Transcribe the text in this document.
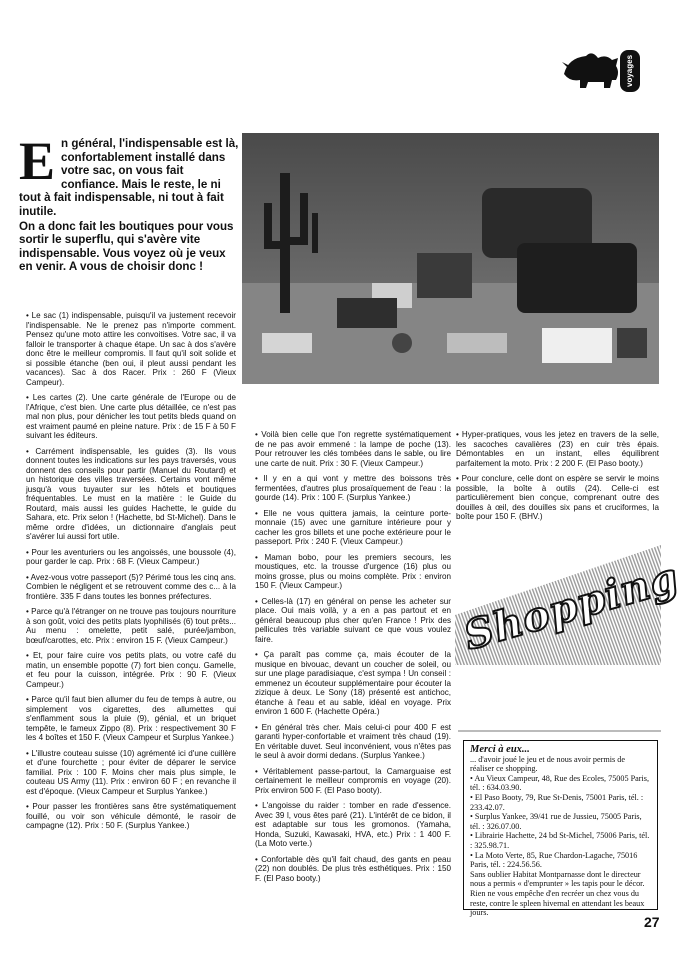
voyages
E n général, l'indispensable est là, confortablement installé dans votre sac, on vous fait confiance. Mais le reste, le ni tout à fait indispensable, ni tout à fait inutile.
On a donc fait les boutiques pour vous sortir le superflu, qui s'avère vite indispensable. Vous voyez où je veux en venir. A vous de choisir donc !

• Le sac (1) indispensable, puisqu'il va justement recevoir l'indispensable. Ne le prenez pas n'importe comment. Pensez qu'une moto attire les convoitises. Votre sac, il va falloir le transporter à chaque étape. Un sac à dos s'avère donc être le meilleur compromis. Il faut qu'il soit solide et si possible étanche (ben oui, il pleut aussi pendant les vacances). Sac à dos Racer. Prix : 260 F (Vieux Campeur).

• Les cartes (2). Une carte générale de l'Europe ou de l'Afrique, c'est bien. Une carte plus détaillée, ce n'est pas mal non plus, pour dénicher les tout petits bleds quand on est vraiment paumé en pleine nature. Prix : de 15 F à 50 F suivant les éditeurs.

• Carrément indispensable, les guides (3). Ils vous donnent toutes les indications sur les pays traversés, vous donnent des conseils pour partir (Manuel du Routard) et un historique des villes traversées. Certains vont même jusqu'à vous tuyauter sur les hôtels et boutiques fréquentables. Le must en la matière : le Guide du Routard, mais aussi les guides Hachette, le guide du Sahara, etc. Prix selon ! (Hachette, bd St-Michel). Dans le même ordre d'idées, un dictionnaire d'anglais peut s'avérer lui aussi fort utile.

• Pour les aventuriers ou les angoissés, une boussole (4), pour garder le cap. Prix : 68 F. (Vieux Campeur.)

• Avez-vous votre passeport (5)? Périmé tous les cinq ans. Combien le négligent et se retrouvent comme des c... à la frontière. 335 F dans toutes les bonnes préfectures.

• Parce qu'à l'étranger on ne trouve pas toujours nourriture à son goût, voici des petits plats lyophilisés (6) tout prêts... Au menu : omelette, petit salé, purée/jambon, bœuf/carottes, etc. Prix : environ 15 F. (Vieux Campeur.)

• Et, pour faire cuire vos petits plats, ou votre café du matin, un ensemble popotte (7) fort bien conçu. Gamelle, et feu pour la cuisson, intégrée. Prix : 90 F. (Vieux Campeur.)

• Parce qu'il faut bien allumer du feu de temps à autre, ou simplement vos cigarettes, des allumettes qui s'enflamment sous la pluie (9), génial, et un briquet tempête, le fameux Zippo (8). Prix : respectivement 30 F les 4 boîtes et 150 F. (Vieux Campeur et Surplus Yankee.)

• L'illustre couteau suisse (10) agrémenté ici d'une cuillère et d'une fourchette ; pour éviter de déparer le service familial. Prix : 100 F. Moins cher mais plus simple, le couteau US Army (11). Prix : environ 60 F ; en revanche il est d'époque. (Vieux Campeur et Surplus Yankee.)

• Pour passer les frontières sans être systématiquement fouillé, ou voir son véhicule démonté, le rasoir de campagne (12). Prix : 50 F. (Surplus Yankee.)

• Voilà bien celle que l'on regrette systématiquement de ne pas avoir emmené : la lampe de poche (13). Pour retrouver les clés tombées dans le sable, ou lire une carte de nuit. Prix : 30 F. (Vieux Campeur.)

• Il y en a qui vont y mettre des boissons très fermentées, d'autres plus prosaïquement de l'eau : la gourde (14). Prix : 100 F. (Surplus Yankee.)

• Elle ne vous quittera jamais, la ceinture porte-monnaie (15) avec une garniture intérieure pour y cacher les gros billets et une poche extérieure pour le passeport. Prix : 240 F. (Vieux Campeur.)

• Maman bobo, pour les premiers secours, les moustiques, etc. la trousse d'urgence (16) plus ou moins grosse, plus ou moins complète. Prix : environ 150 F. (Vieux Campeur.)

• Celles-là (17) en général on pense les acheter sur place. Oui mais voilà, y a en a pas partout et en général beaucoup plus cher qu'en France ! Prix des pellicules très variable suivant ce que vous voulez faire.

• Ça paraît pas comme ça, mais écouter de la musique en bivouac, devant un coucher de soleil, ou sur une plage paradisiaque, c'est sympa ! Un conseil : emmenez un écouteur supplémentaire pour écouter la zizique à deux. Le Sony (18) présenté est antichoc, étanche à l'eau et au sable, idéal en voyage. Prix environ 1 600 F. (Hachette Opéra.)

• En général très cher. Mais celui-ci pour 400 F est garanti hyper-confortable et vraiment très chaud (19). En véritable duvet. Seul inconvénient, vous n'êtes pas le seul à avoir dormi dedans. (Surplus Yankee.)

• Véritablement passe-partout, la Camarguaise est certainement le meilleur compromis en voyage (20). Prix environ 500 F. (El Paso booty).

• L'angoisse du raider : tomber en rade d'essence. Avec 39 l, vous êtes paré (21). L'intérêt de ce bidon, il est adaptable sur tous les gromonos. (Yamaha, Honda, Suzuki, Kawasaki, HVA, etc.) Prix : 1 400 F. (La Moto verte.)

• Confortable dès qu'il fait chaud, des gants en peau (22) non doublés. De plus très esthétiques. Prix : 150 F. (El Paso booty.)

• Hyper-pratiques, vous les jetez en travers de la selle, les sacoches cavalières (23) en cuir très épais. Démontables en un instant, elles équilibrent parfaitement la moto. Prix : 2 200 F. (El Paso booty.)

• Pour conclure, celle dont on espère se servir le moins possible, la boîte à outils (24). Celle-ci est particulièrement bien conçue, comprenant outre des douilles à œil, des douilles six pans et cruciformes, la boîte pour 150 F. (BHV.)

Shopping
Merci à eux...
... d'avoir joué le jeu et de nous avoir permis de réaliser ce shopping.
• Au Vieux Campeur, 48, Rue des Ecoles, 75005 Paris, tél. : 634.03.90.
• El Paso Booty, 79, Rue St-Denis, 75001 Paris, tél. : 233.42.07.
• Surplus Yankee, 39/41 rue de Jussieu, 75005 Paris, tél. : 326.07.00.
• Librairie Hachette, 24 bd St-Michel, 75006 Paris, tél. : 325.98.71.
• La Moto Verte, 85, Rue Chardon-Lagache, 75016 Paris, tél. : 224.56.56.
Sans oublier Habitat Montparnasse dont le directeur nous a permis « d'emprunter » les tapis pour le décor. Rien ne vous empêche d'en recréer un chez vous du reste, contre le spleen hivernal en attendant les beaux jours.
27
